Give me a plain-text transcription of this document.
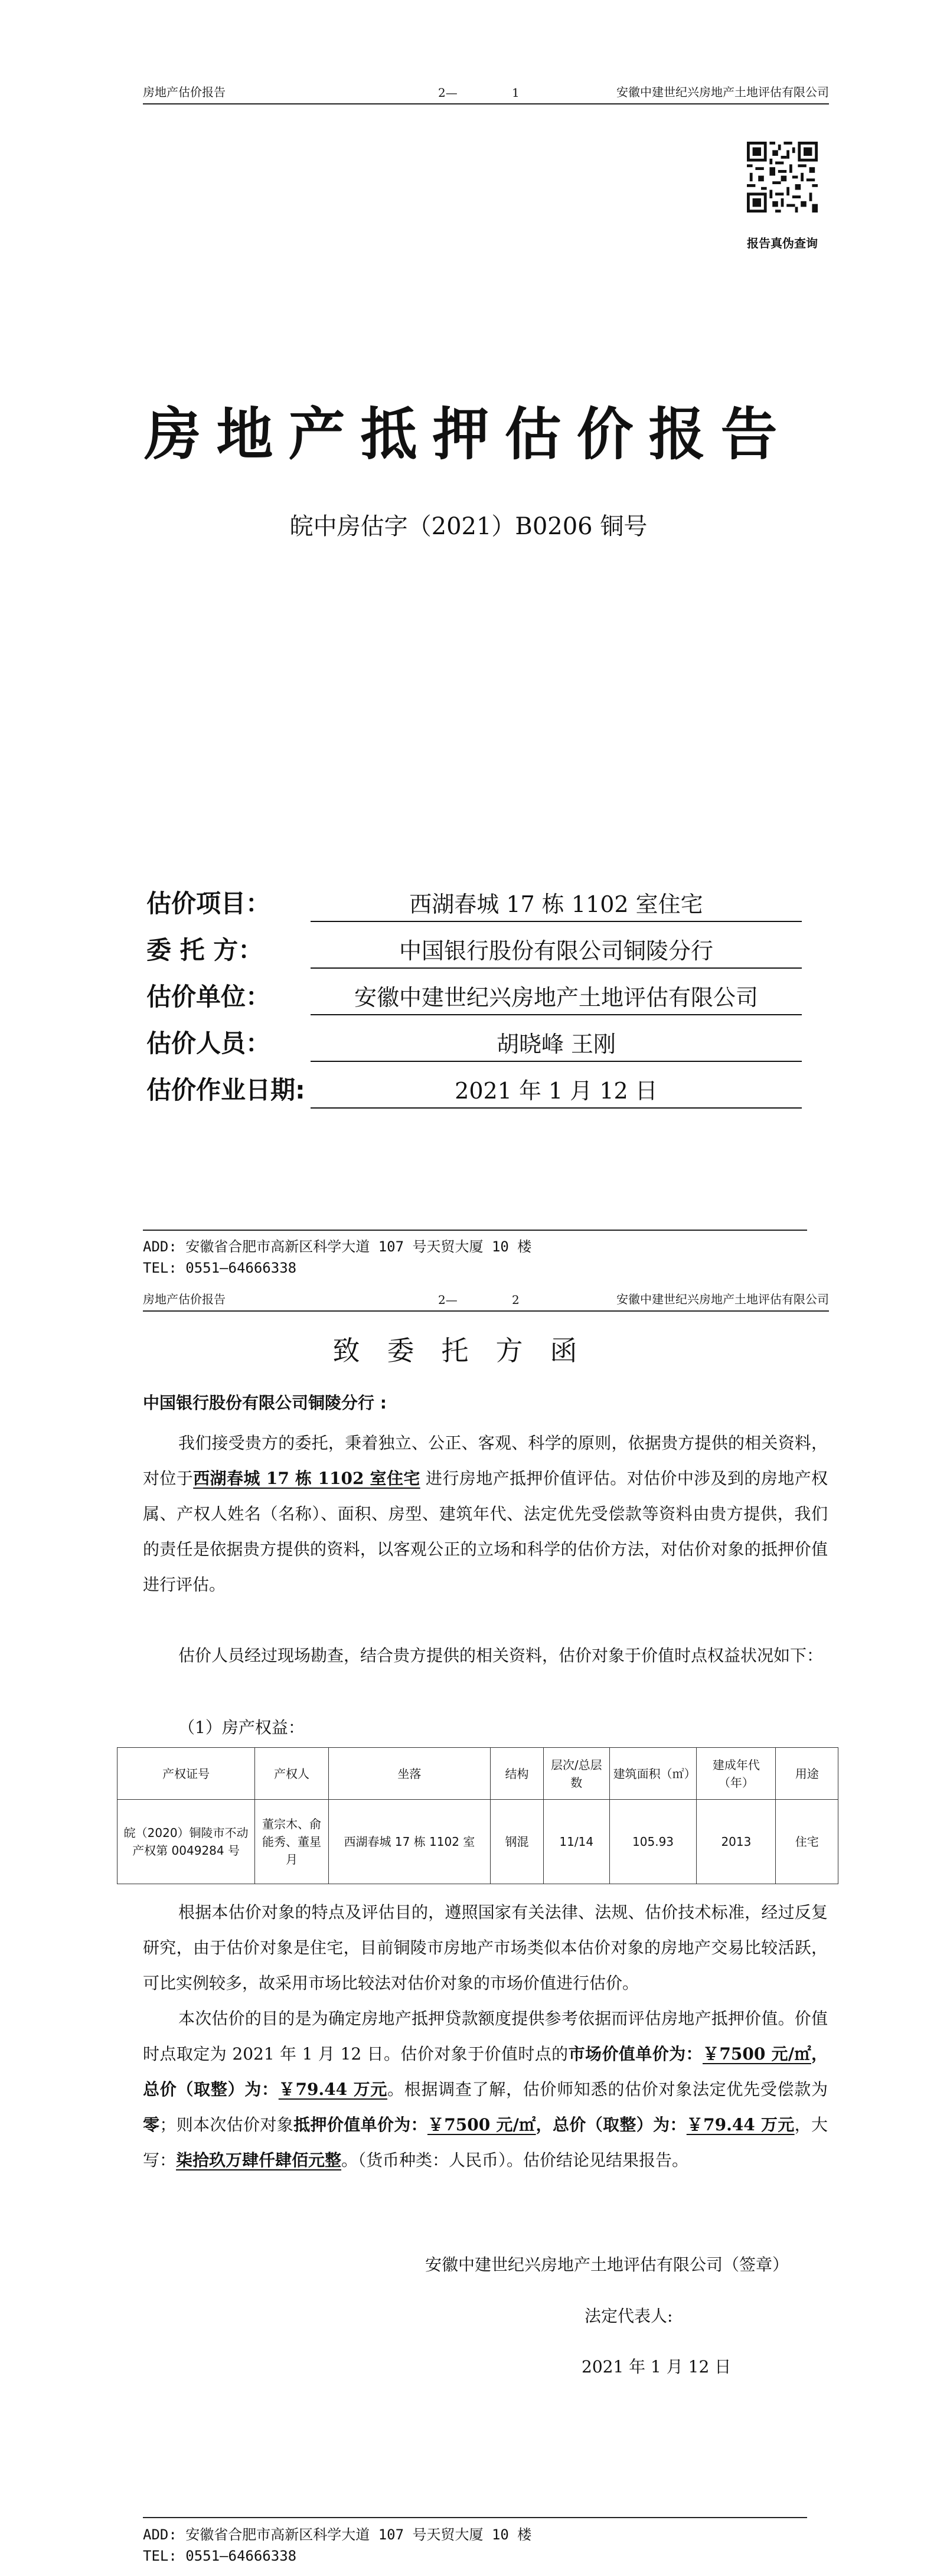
房地产估价报告	2—	1	安徽中建世纪兴房地产土地评估有限公司
报告真伪查询
房地产抵押估价报告
皖中房估字（2021）B0206 铜号
估价项目：	西湖春城 17 栋 1102 室住宅
委 托 方：	中国银行股份有限公司铜陵分行
估价单位：	安徽中建世纪兴房地产土地评估有限公司
估价人员：	胡晓峰 王刚
估价作业日期:	2021 年 1 月 12 日
ADD: 安徽省合肥市高新区科学大道 107 号天贸大厦 10 楼
TEL: 0551—64666338
房地产估价报告	2—	2	安徽中建世纪兴房地产土地评估有限公司
致委托方函
中国银行股份有限公司铜陵分行 :

我们接受贵方的委托，秉着独立、公正、客观、科学的原则，依据贵方提供的相关资料，对位于西湖春城 17 栋 1102 室住宅 进行房地产抵押价值评估。对估价中涉及到的房地产权属、产权人姓名（名称）、面积、房型、建筑年代、法定优先受偿款等资料由贵方提供，我们的责任是依据贵方提供的资料，以客观公正的立场和科学的估价方法，对估价对象的抵押价值进行评估。

估价人员经过现场勘查，结合贵方提供的相关资料，估价对象于价值时点权益状况如下：

（1）房产权益：
产权证号	产权人	坐落	结构	层次/总层数	建筑面积（㎡）	建成年代（年）	用途
皖（2020）铜陵市不动产权第 0049284 号	董宗木、俞能秀、董星月	西湖春城 17 栋 1102 室	钢混	11/14	105.93	2013	住宅

根据本估价对象的特点及评估目的，遵照国家有关法律、法规、估价技术标准，经过反复研究，由于估价对象是住宅，目前铜陵市房地产市场类似本估价对象的房地产交易比较活跃，可比实例较多，故采用市场比较法对估价对象的市场价值进行估价。

本次估价的目的是为确定房地产抵押贷款额度提供参考依据而评估房地产抵押价值。价值时点取定为 2021 年 1 月 12 日。估价对象于价值时点的市场价值单价为：￥7500 元/㎡，总价（取整）为：￥79.44 万元。根据调查了解，估价师知悉的估价对象法定优先受偿款为零；则本次估价对象抵押价值单价为：￥7500 元/㎡，总价（取整）为：￥79.44 万元，大写：柒拾玖万肆仟肆佰元整。（货币种类：人民币）。估价结论见结果报告。

安徽中建世纪兴房地产土地评估有限公司（签章）
法定代表人:
2021 年 1 月 12 日
ADD: 安徽省合肥市高新区科学大道 107 号天贸大厦 10 楼
TEL: 0551—64666338
